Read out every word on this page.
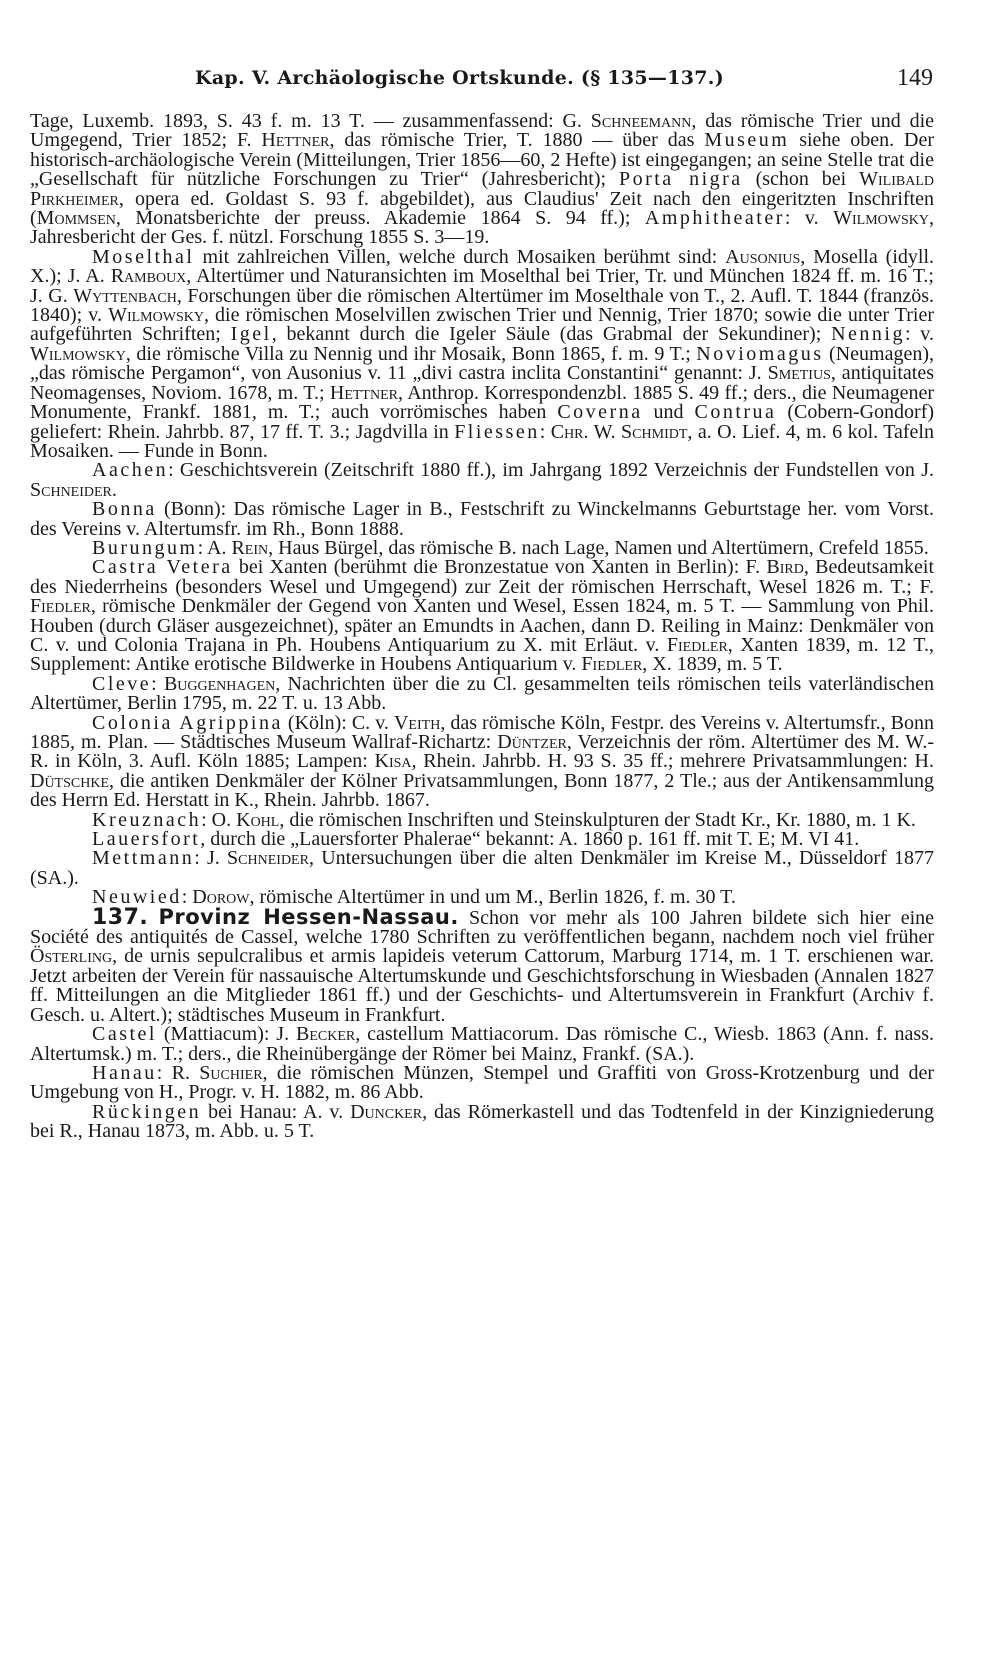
Kap. V. Archäologische Ortskunde. (§ 135—137.)	149

Tage, Luxemb. 1893, S. 43 f. m. 13 T. — zusammenfassend: G. Schneemann, das römische Trier und die Umgegend, Trier 1852; F. Hettner, das römische Trier, T. 1880 — über das Museum siehe oben. Der historisch-archäologische Verein (Mitteilungen, Trier 1856—60, 2 Hefte) ist eingegangen; an seine Stelle trat die „Gesellschaft für nützliche Forschungen zu Trier“ (Jahresbericht); Porta nigra (schon bei Wilibald Pirkheimer, opera ed. Goldast S. 93 f. abgebildet), aus Claudius' Zeit nach den eingeritzten Inschriften (Mommsen, Monatsberichte der preuss. Akademie 1864 S. 94 ff.); Amphitheater: v. Wilmowsky, Jahresbericht der Ges. f. nützl. Forschung 1855 S. 3—19.

Moselthal mit zahlreichen Villen, welche durch Mosaiken berühmt sind: Ausonius, Mosella (idyll. X.); J. A. Ramboux, Altertümer und Naturansichten im Moselthal bei Trier, Tr. und München 1824 ff. m. 16 T.; J. G. Wyttenbach, Forschungen über die römischen Altertümer im Moselthale von T., 2. Aufl. T. 1844 (französ. 1840); v. Wilmowsky, die römischen Moselvillen zwischen Trier und Nennig, Trier 1870; sowie die unter Trier aufgeführten Schriften; Igel, bekannt durch die Igeler Säule (das Grabmal der Sekundiner); Nennig: v. Wilmowsky, die römische Villa zu Nennig und ihr Mosaik, Bonn 1865, f. m. 9 T.; Noviomagus (Neumagen), „das römische Pergamon“, von Ausonius v. 11 „divi castra inclita Constantini“ genannt: J. Smetius, antiquitates Neomagenses, Noviom. 1678, m. T.; Hettner, Anthrop. Korrespondenzbl. 1885 S. 49 ff.; ders., die Neumagener Monumente, Frankf. 1881, m. T.; auch vorrömisches haben Coverna und Contrua (Cobern-Gondorf) geliefert: Rhein. Jahrbb. 87, 17 ff. T. 3.; Jagdvilla in Fliessen: Chr. W. Schmidt, a. O. Lief. 4, m. 6 kol. Tafeln Mosaiken. — Funde in Bonn.

Aachen: Geschichtsverein (Zeitschrift 1880 ff.), im Jahrgang 1892 Verzeichnis der Fundstellen von J. Schneider.

Bonna (Bonn): Das römische Lager in B., Festschrift zu Winckelmanns Geburtstage her. vom Vorst. des Vereins v. Altertumsfr. im Rh., Bonn 1888.

Burungum: A. Rein, Haus Bürgel, das römische B. nach Lage, Namen und Altertümern, Crefeld 1855.

Castra Vetera bei Xanten (berühmt die Bronzestatue von Xanten in Berlin): F. Bird, Bedeutsamkeit des Niederrheins (besonders Wesel und Umgegend) zur Zeit der römischen Herrschaft, Wesel 1826 m. T.; F. Fiedler, römische Denkmäler der Gegend von Xanten und Wesel, Essen 1824, m. 5 T. — Sammlung von Phil. Houben (durch Gläser ausgezeichnet), später an Emundts in Aachen, dann D. Reiling in Mainz: Denkmäler von C. v. und Colonia Trajana in Ph. Houbens Antiquarium zu X. mit Erläut. v. Fiedler, Xanten 1839, m. 12 T., Supplement: Antike erotische Bildwerke in Houbens Antiquarium v. Fiedler, X. 1839, m. 5 T.

Cleve: Buggenhagen, Nachrichten über die zu Cl. gesammelten teils römischen teils vaterländischen Altertümer, Berlin 1795, m. 22 T. u. 13 Abb.

Colonia Agrippina (Köln): C. v. Veith, das römische Köln, Festpr. des Vereins v. Altertumsfr., Bonn 1885, m. Plan. — Städtisches Museum Wallraf-Richartz: Düntzer, Verzeichnis der röm. Altertümer des M. W.-R. in Köln, 3. Aufl. Köln 1885; Lampen: Kisa, Rhein. Jahrbb. H. 93 S. 35 ff.; mehrere Privatsammlungen: H. Dütschke, die antiken Denkmäler der Kölner Privatsammlungen, Bonn 1877, 2 Tle.; aus der Antikensammlung des Herrn Ed. Herstatt in K., Rhein. Jahrbb. 1867.

Kreuznach: O. Kohl, die römischen Inschriften und Steinskulpturen der Stadt Kr., Kr. 1880, m. 1 K.

Lauersfort, durch die „Lauersforter Phalerae“ bekannt: A. 1860 p. 161 ff. mit T. E; M. VI 41.

Mettmann: J. Schneider, Untersuchungen über die alten Denkmäler im Kreise M., Düsseldorf 1877 (SA.).

Neuwied: Dorow, römische Altertümer in und um M., Berlin 1826, f. m. 30 T.

137. Provinz Hessen-Nassau. Schon vor mehr als 100 Jahren bildete sich hier eine Société des antiquités de Cassel, welche 1780 Schriften zu veröffentlichen begann, nachdem noch viel früher Österling, de urnis sepulcralibus et armis lapideis veterum Cattorum, Marburg 1714, m. 1 T. erschienen war. Jetzt arbeiten der Verein für nassauische Altertumskunde und Geschichtsforschung in Wiesbaden (Annalen 1827 ff. Mitteilungen an die Mitglieder 1861 ff.) und der Geschichts- und Altertumsverein in Frankfurt (Archiv f. Gesch. u. Altert.); städtisches Museum in Frankfurt.

Castel (Mattiacum): J. Becker, castellum Mattiacorum. Das römische C., Wiesb. 1863 (Ann. f. nass. Altertumsk.) m. T.; ders., die Rheinübergänge der Römer bei Mainz, Frankf. (SA.).

Hanau: R. Suchier, die römischen Münzen, Stempel und Graffiti von Gross-Krotzenburg und der Umgebung von H., Progr. v. H. 1882, m. 86 Abb.

Rückingen bei Hanau: A. v. Duncker, das Römerkastell und das Todtenfeld in der Kinzigniederung bei R., Hanau 1873, m. Abb. u. 5 T.
